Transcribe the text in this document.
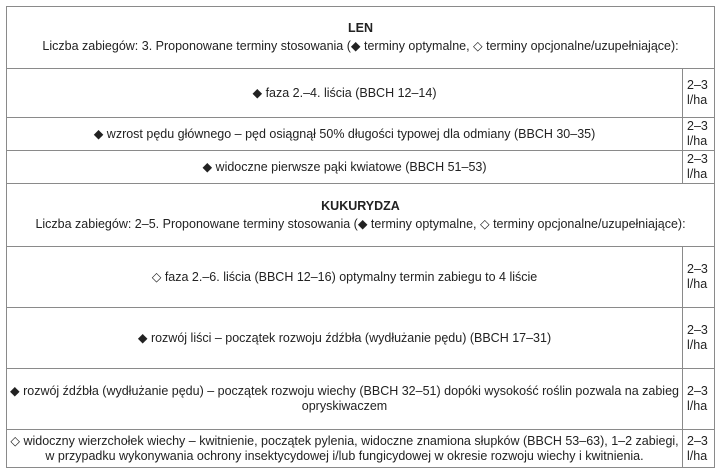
LEN
Liczba zabiegów: 3. Proponowane terminy stosowania (◆ terminy optymalne, ◇ terminy opcjonalne/uzupełniające):	
◆ faza 2.–4. liścia (BBCH 12–14)	2–3 l/ha
◆ wzrost pędu głównego – pęd osiągnął 50% długości typowej dla odmiany (BBCH 30–35)	2–3 l/ha
◆ widoczne pierwsze pąki kwiatowe (BBCH 51–53)	2–3 l/ha

KUKURYDZA
Liczba zabiegów: 2–5. Proponowane terminy stosowania (◆ terminy optymalne, ◇ terminy opcjonalne/uzupełniające):	
◇ faza 2.–6. liścia (BBCH 12–16) optymalny termin zabiegu to 4 liście	2–3 l/ha
◆ rozwój liści – początek rozwoju źdźbła (wydłużanie pędu) (BBCH 17–31)	2–3 l/ha
◆ rozwój źdźbła (wydłużanie pędu) – początek rozwoju wiechy (BBCH 32–51) dopóki wysokość roślin pozwala na zabieg opryskiwaczem	2–3 l/ha
◇ widoczny wierzchołek wiechy – kwitnienie, początek pylenia, widoczne znamiona słupków (BBCH 53–63), 1–2 zabiegi, w przypadku wykonywania ochrony insektycydowej i/lub fungicydowej w okresie rozwoju wiechy i kwitnienia.	2–3 l/ha
